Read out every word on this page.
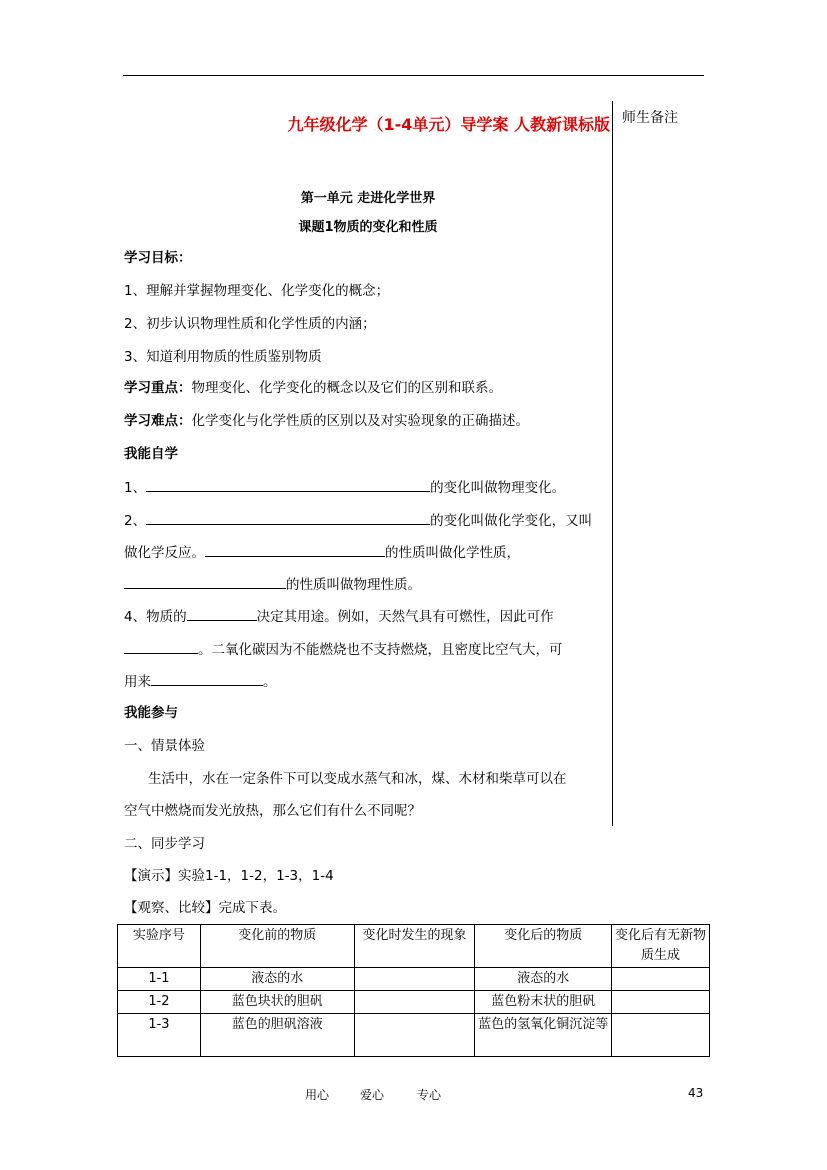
师生备注
九年级化学（1-4单元）导学案 人教新课标版
第一单元 走进化学世界
课题1物质的变化和性质
学习目标：
1、理解并掌握物理变化、化学变化的概念；
2、初步认识物理性质和化学性质的内涵；
3、知道利用物质的性质鉴别物质
学习重点：物理变化、化学变化的概念以及它们的区别和联系。
学习难点：化学变化与化学性质的区别以及对实验现象的正确描述。
我能自学
1、	的变化叫做物理变化。
2、	的变化叫做化学变化，又叫
做化学反应。	的性质叫做化学性质，
的性质叫做物理性质。
4、物质的	决定其用途。例如，天然气具有可燃性，因此可作
。二氧化碳因为不能燃烧也不支持燃烧，且密度比空气大，可
用来	。
我能参与
一、情景体验
生活中，水在一定条件下可以变成水蒸气和冰，煤、木材和柴草可以在
空气中燃烧而发光放热，那么它们有什么不同呢？
二、同步学习
【演示】实验1-1，1-2，1-3，1-4
【观察、比较】完成下表。
实验序号	变化前的物质	变化时发生的现象	变化后的物质	变化后有无新物质生成
1-1	液态的水		液态的水	
1-2	蓝色块状的胆矾		蓝色粉末状的胆矾	
1-3	蓝色的胆矾溶液		蓝色的氢氧化铜沉淀等	
用心	爱心	专心	43
